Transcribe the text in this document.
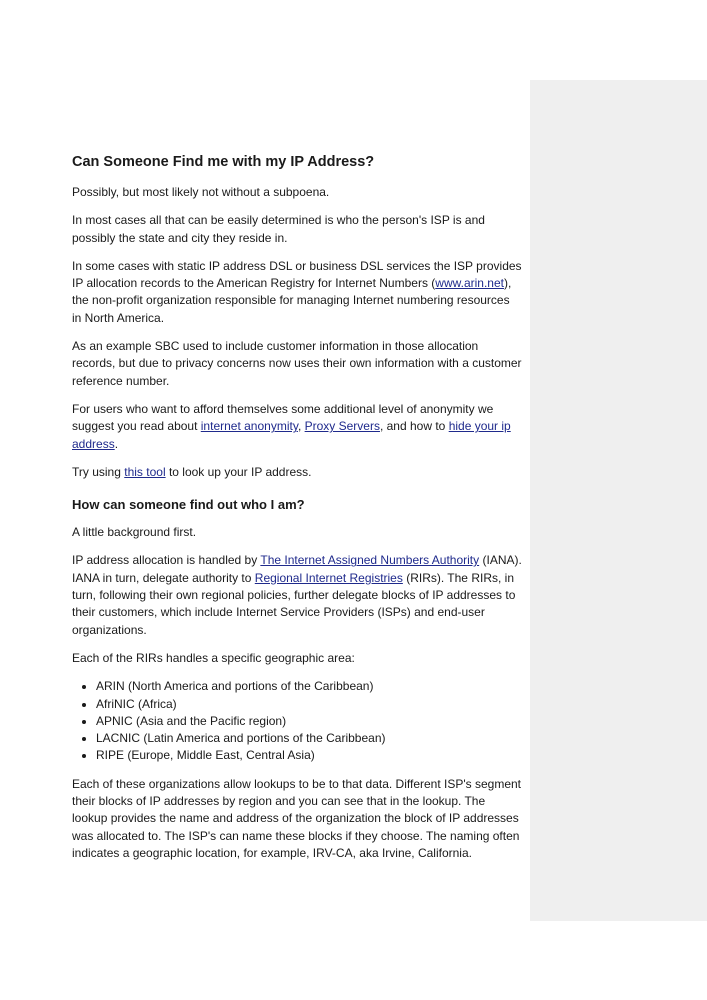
Can Someone Find me with my IP Address?

Possibly, but most likely not without a subpoena.

In most cases all that can be easily determined is who the person's ISP is and possibly the state and city they reside in.

In some cases with static IP address DSL or business DSL services the ISP provides IP allocation records to the American Registry for Internet Numbers (www.arin.net), the non-profit organization responsible for managing Internet numbering resources in North America.

As an example SBC used to include customer information in those allocation records, but due to privacy concerns now uses their own information with a customer reference number.

For users who want to afford themselves some additional level of anonymity we suggest you read about internet anonymity, Proxy Servers, and how to hide your ip address.

Try using this tool to look up your IP address.

How can someone find out who I am?

A little background first.

IP address allocation is handled by The Internet Assigned Numbers Authority (IANA). IANA in turn, delegate authority to Regional Internet Registries (RIRs). The RIRs, in turn, following their own regional policies, further delegate blocks of IP addresses to their customers, which include Internet Service Providers (ISPs) and end-user organizations.

Each of the RIRs handles a specific geographic area:

• ARIN (North America and portions of the Caribbean)
• AfriNIC (Africa)
• APNIC (Asia and the Pacific region)
• LACNIC (Latin America and portions of the Caribbean)
• RIPE (Europe, Middle East, Central Asia)

Each of these organizations allow lookups to be to that data. Different ISP's segment their blocks of IP addresses by region and you can see that in the lookup. The lookup provides the name and address of the organization the block of IP addresses was allocated to. The ISP's can name these blocks if they choose. The naming often indicates a geographic location, for example, IRV-CA, aka Irvine, California.
